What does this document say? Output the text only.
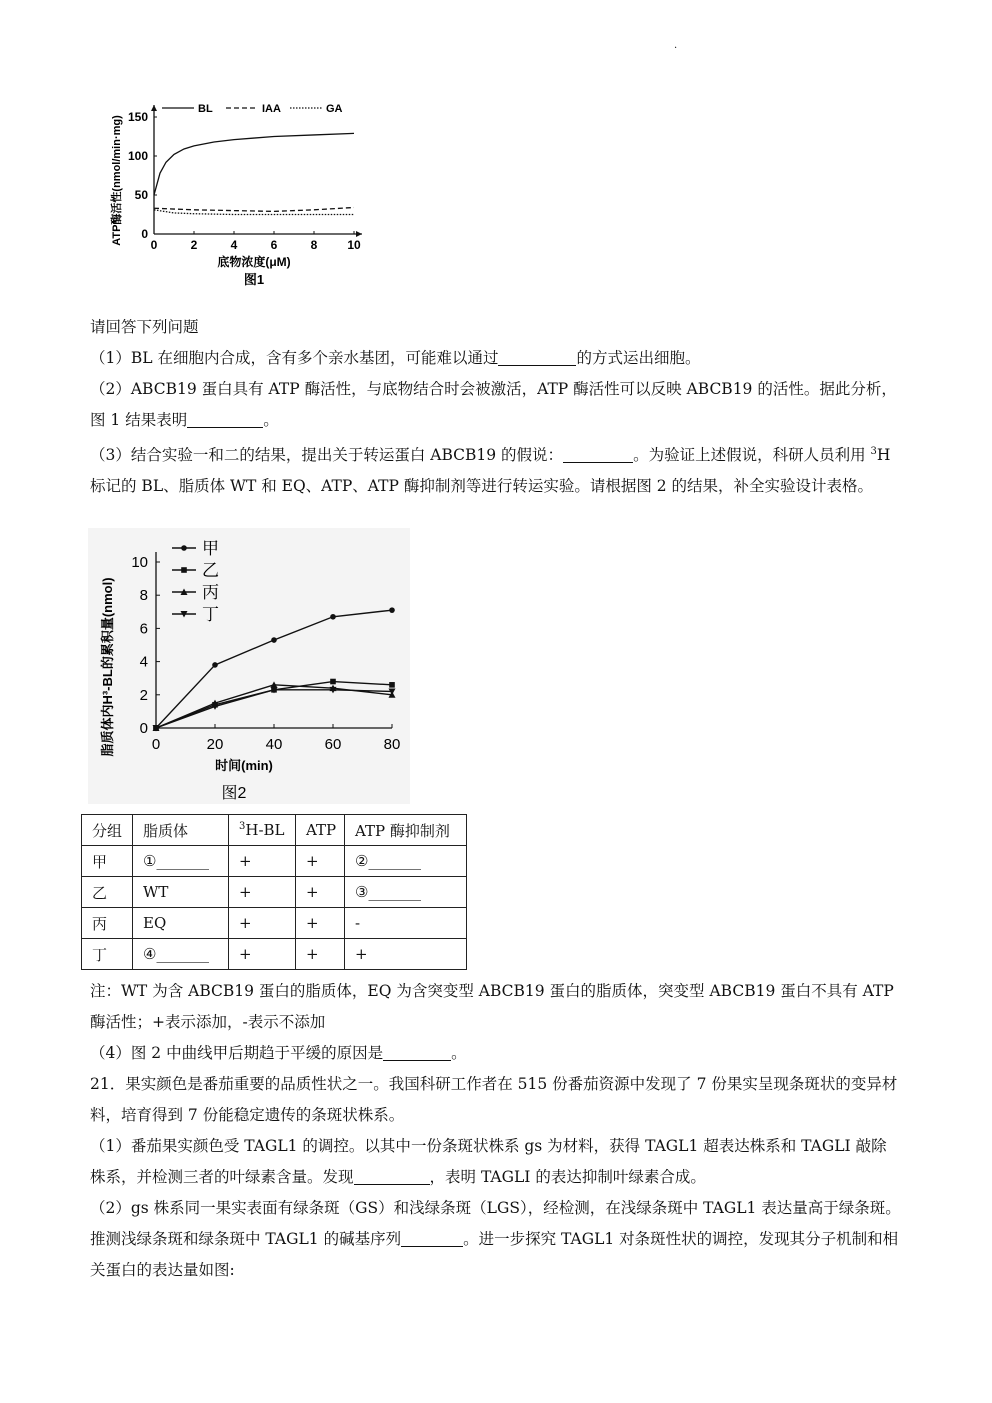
.
0	2	4	6	8 10
0
50
100
150
底物浓度(μM)
图1
ATP酶活性(nmol/min·mg)
BL	IAA	GA

请回答下列问题

（1）BL 在细胞内合成，含有多个亲水基团，可能难以通过	的方式运出细胞。

（2）ABCB19 蛋白具有 ATP 酶活性，与底物结合时会被激活，ATP 酶活性可以反映 ABCB19 的活性。据此分析，图 1 结果表明	。

（3）结合实验一和二的结果，提出关于转运蛋白 ABCB19 的假说：	。为验证上述假说，科研人员利用 $^3$H 标记的 BL、脂质体 WT 和 EQ、ATP、ATP 酶抑制剂等进行转运实验。请根据图 2 的结果，补全实验设计表格。

0	20	40	60	80
0
2
4
6
8
10
时间(min)
图2
脂质体内H³-BL的累积量(nmol)
甲
乙
丙
丁
分组	脂质体	$^3$H-BL	ATP	ATP 酶抑制剂
甲	①_______	+	+	②_______
乙	WT	+	+	③_______
丙	EQ	+	+	-
丁	④_______	+	+	+

注：WT 为含 ABCB19 蛋白的脂质体，EQ 为含突变型 ABCB19 蛋白的脂质体，突变型 ABCB19 蛋白不具有 ATP 酶活性；+表示添加，-表示不添加

（4）图 2 中曲线甲后期趋于平缓的原因是	。

21．果实颜色是番茄重要的品质性状之一。我国科研工作者在 515 份番茄资源中发现了 7 份果实呈现条斑状的变异材料，培育得到 7 份能稳定遗传的条斑状株系。

（1）番茄果实颜色受 TAGL1 的调控。以其中一份条斑状株系 gs 为材料，获得 TAGL1 超表达株系和 TAGLI 敲除株系，并检测三者的叶绿素含量。发现	，表明 TAGLI 的表达抑制叶绿素合成。

（2）gs 株系同一果实表面有绿条斑（GS）和浅绿条斑（LGS），经检测，在浅绿条斑中 TAGL1 表达量高于绿条斑。推测浅绿条斑和绿条斑中 TAGL1 的碱基序列	。进一步探究 TAGL1 对条斑性状的调控，发现其分子机制和相关蛋白的表达量如图:
